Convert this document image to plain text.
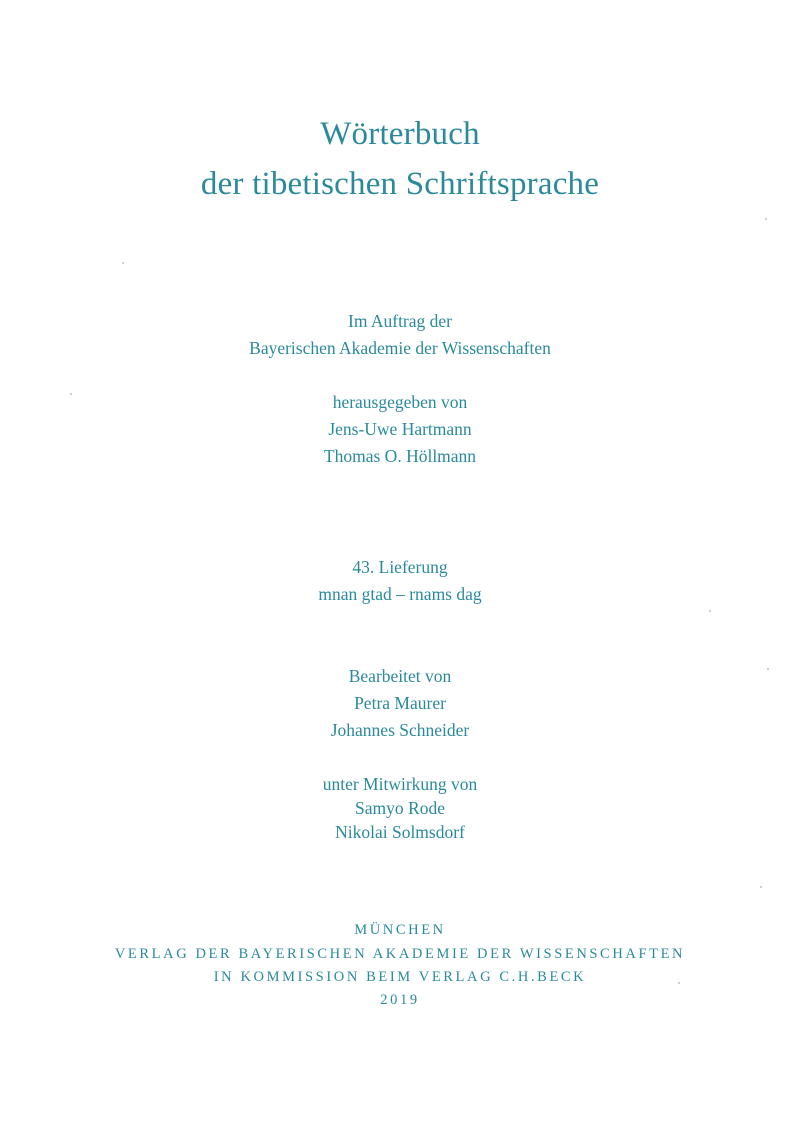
Wörterbuch
der tibetischen Schriftsprache
Im Auftrag der
Bayerischen Akademie der Wissenschaften
herausgegeben von
Jens-Uwe Hartmann
Thomas O. Höllmann
43. Lieferung
mnan gtad – rnams dag
Bearbeitet von
Petra Maurer
Johannes Schneider
unter Mitwirkung von
Samyo Rode
Nikolai Solmsdorf
MÜNCHEN
VERLAG DER BAYERISCHEN AKADEMIE DER WISSENSCHAFTEN
IN KOMMISSION BEIM VERLAG C.H.BECK
2019
